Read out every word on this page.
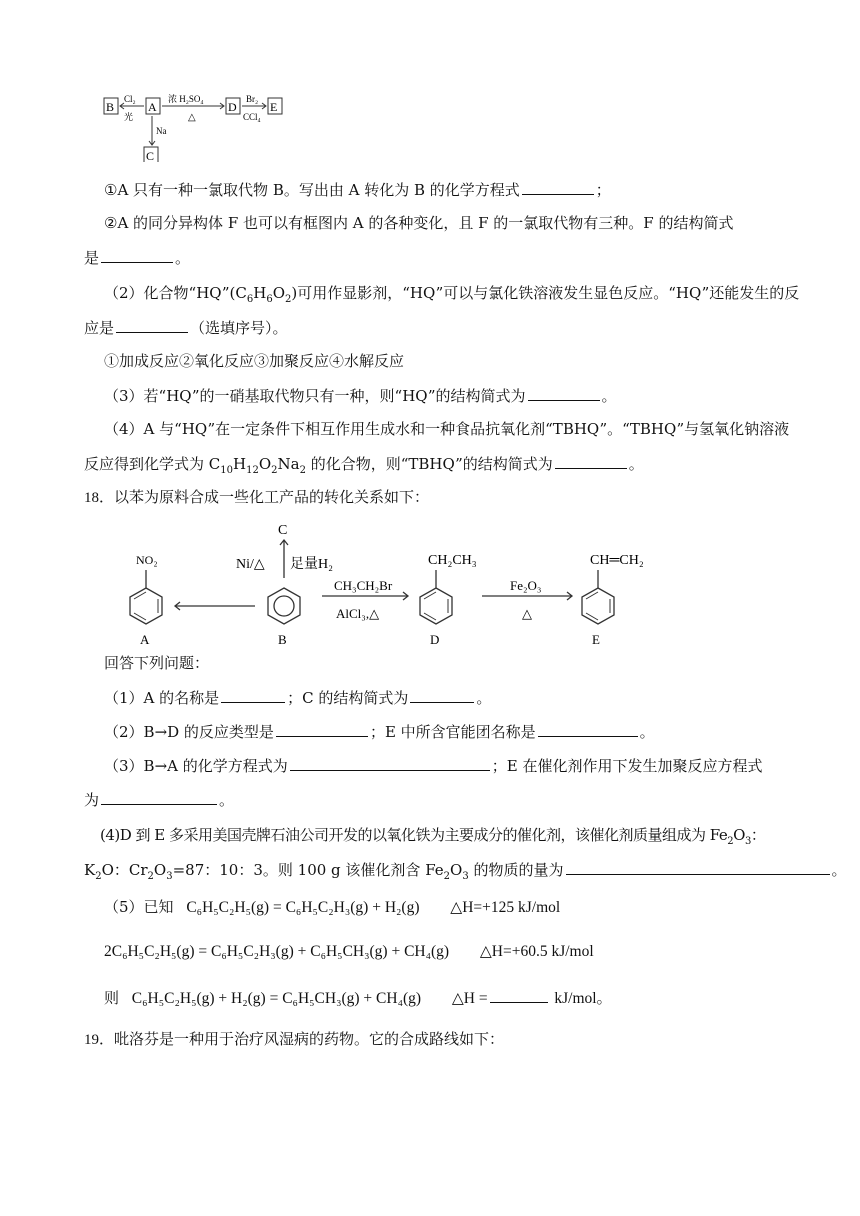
B	A	D	E
C
Cl₂
光
浓 H₂SO₄
△
Br₂
CCl₄
Na
①A 只有一种一氯取代物 B。写出由 A 转化为 B 的化学方程式	；
②A 的同分异构体 F 也可以有框图内 A 的各种变化，且 F 的一氯取代物有三种。F 的结构简式
是	。
（2）化合物“$HQ”(C_6H_6O_2)$可用作显影剂，“HQ”可以与氯化铁溶液发生显色反应。“HQ”还能发生的反
应是	（选填序号）。
①加成反应②氧化反应③加聚反应④水解反应
（3）若“HQ”的一硝基取代物只有一种，则“HQ”的结构简式为	。
（4）A 与“HQ”在一定条件下相互作用生成水和一种食品抗氧化剂“TBHQ”。“TBHQ”与氢氧化钠溶液
反应得到化学式为 $C_{10}H_{12}O_2Na_2$ 的化合物，则“TBHQ”的结构简式为	。
18．以苯为原料合成一些化工产品的转化关系如下：
NO₂
C
Ni/△ 足量H₂	CH₂CH₃
CH₃CH₂Br
AlCl₃,△
Fe₂O₃
△
CH═CH₂
A	B	D	E
回答下列问题：
（1）A 的名称是	；C 的结构简式为	。
（2）B→D 的反应类型是	；E 中所含官能团名称是	。
（3）B→A 的化学方程式为	；E 在催化剂作用下发生加聚反应方程式
为	。
(4)D 到 E 多采用美国壳牌石油公司开发的以氧化铁为主要成分的催化剂，该催化剂质量组成为 $Fe_2O_3$：
$K_2O$：$Cr_2O_3=87$：10：3。则 100 g 该催化剂含 $Fe_2O_3$ 的物质的量为	。
（5）已知 C₆H₅C₂H₅(g) = C₆H₅C₂H₃(g) + H₂(g) △H=+125 kJ/mol
2C₆H₅C₂H₅(g) = C₆H₅C₂H₃(g) + C₆H₅CH₃(g) + CH₄(g) △H=+60.5 kJ/mol
则 C₆H₅C₂H₅(g) + H₂(g) = C₆H₅CH₃(g) + CH₄(g) △H =	kJ/mol。
19．吡洛芬是一种用于治疗风湿病的药物。它的合成路线如下：
